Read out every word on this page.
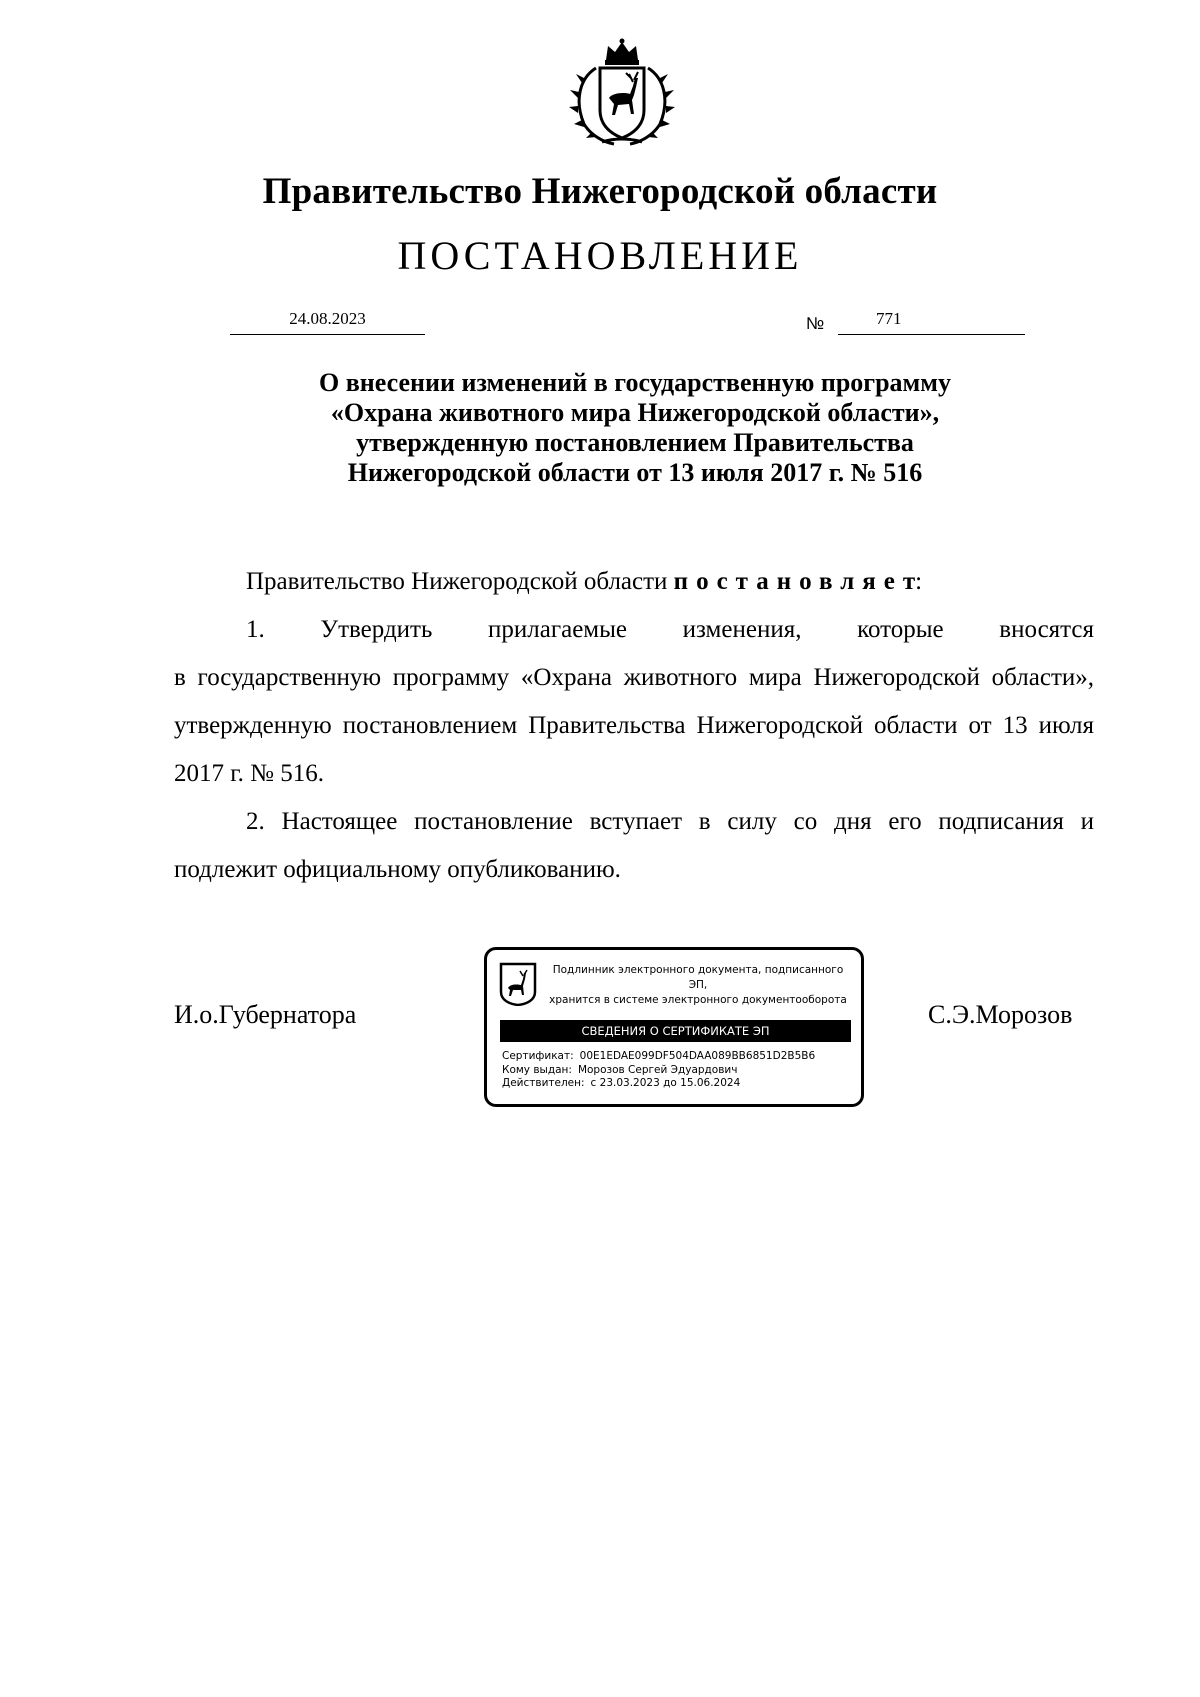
Правительство Нижегородской области
ПОСТАНОВЛЕНИЕ
24.08.2023	№	771
О внесении изменений в государственную программу
«Охрана животного мира Нижегородской области»,
утвержденную постановлением Правительства
Нижегородской области от 13 июля 2017 г. № 516
Правительство Нижегородской области постановляет:
1. Утвердить прилагаемые изменения, которые вносятся
в государственную программу «Охрана животного мира Нижегородской области», утвержденную постановлением Правительства Нижегородской области от 13 июля 2017 г. № 516.
2. Настоящее постановление вступает в силу со дня его подписания и подлежит официальному опубликованию.
И.о.Губернатора	С.Э.Морозов
Подлинник электронного документа, подписанного ЭП,
хранится в системе электронного документооборота
СВЕДЕНИЯ О СЕРТИФИКАТЕ ЭП
Сертификат: 00E1EDAE099DF504DAA089BB6851D2B5B6
Кому выдан: Морозов Сергей Эдуардович
Действителен: с 23.03.2023 до 15.06.2024
